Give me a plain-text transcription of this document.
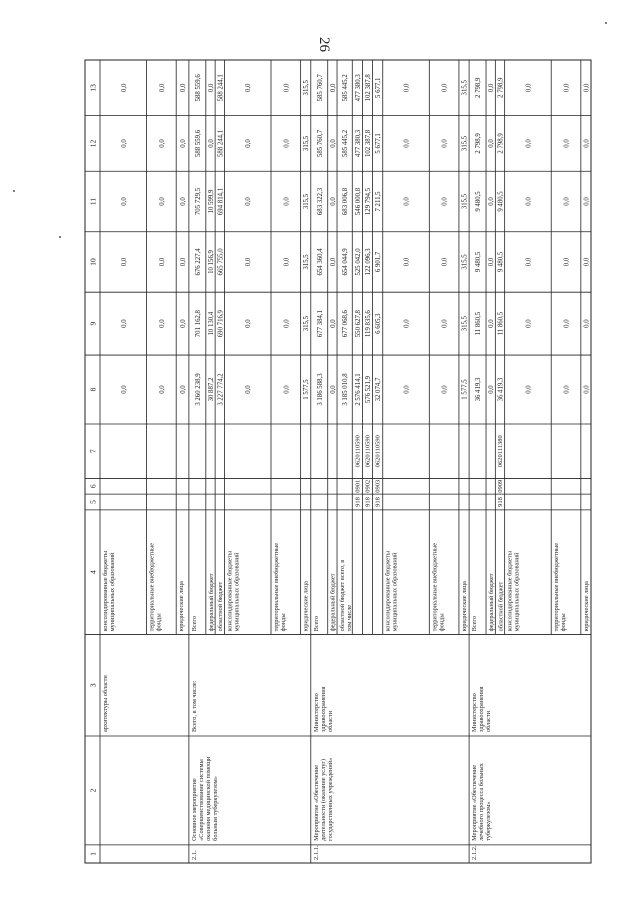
26
1
2
3
4
5
6
7
8
9
10
11
12
13
консолидированные бюджетымуниципальных образований
0,0
0,0
0,0
0,0
0,0
0,0
архитектуры области
территориальные внебюджетныефонды
0,0
0,0
0,0
0,0
0,0
0,0
юридические лица
0,0
0,0
0,0
0,0
0,0
0,0
Всего
3 260 238,9
701 162,8
676 227,4
705 729,5
588 559,6
588 559,6
2.1.
Основное мероприятие«Совершенствование системыоказания медицинской помощибольным туберкулезом»
Всего, в том числе:
федеральный бюджет
30 887,2
10 130,4
10 156,9
10 599,9
0,0
0,0
областной бюджет
3 227 774,2
690 716,9
665 755,0
694 814,1
588 244,1
588 244,1
консолидированные бюджетымуниципальных образований
0,0
0,0
0,0
0,0
0,0
0,0
территориальные внебюджетныефонды
0,0
0,0
0,0
0,0
0,0
0,0
юридические лица
1 577,5
315,5
315,5
315,5
315,5
315,5
Всего
3 186 588,3
677 384,1
654 360,4
683 322,3
585 760,7
585 760,7
2.1.1.
Мероприятие «Обеспечениедеятельности (оказание услуг)государственных учреждений»
Министерствоздравоохраненияобласти
федеральный бюджет
0,0
0,0
0,0
0,0
0,0
0,0
областной бюджет всего, втом числе
3 185 010,8
677 068,6
654 044,9
683 006,8
585 445,2
585 445,2
918
0901
0620110590
2 576 414,1
550 627,8
525 042,0
546 000,8
477 380,3
477 380,3
918
0902
0620110590
576 521,9
119 835,6
122 096,3
129 794,5
102 387,8
102 387,8
918
0903
0620110590
32 074,7
6 605,3
6 901,7
7 211,5
5 677,1
5 677,1
консолидированные бюджетымуниципальных образований
0,0
0,0
0,0
0,0
0,0
0,0
территориальные внебюджетныефонды
0,0
0,0
0,0
0,0
0,0
0,0
юридические лица
1 577,5
315,5
315,5
315,5
315,5
315,5
Всего
36 419,3
11 860,5
9 480,5
9 480,5
2 798,9
2 798,9
2.1.2.
Мероприятие «Обеспечениелечебного процесса больныхтуберкулезом»
Министерствоздравоохраненияобласти
федеральный бюджет
0,0
0,0
0,0
0,0
0,0
0,0
областной бюджет
918
0909
0620111380
36 419,3
11 860,5
9 480,5
9 480,5
2 798,9
2 798,9
консолидированные бюджетымуниципальных образований
0,0
0,0
0,0
0,0
0,0
0,0
территориальные внебюджетныефонды
0,0
0,0
0,0
0,0
0,0
0,0
юридические лица
0,0
0,0
0,0
0,0
0,0
0,0
